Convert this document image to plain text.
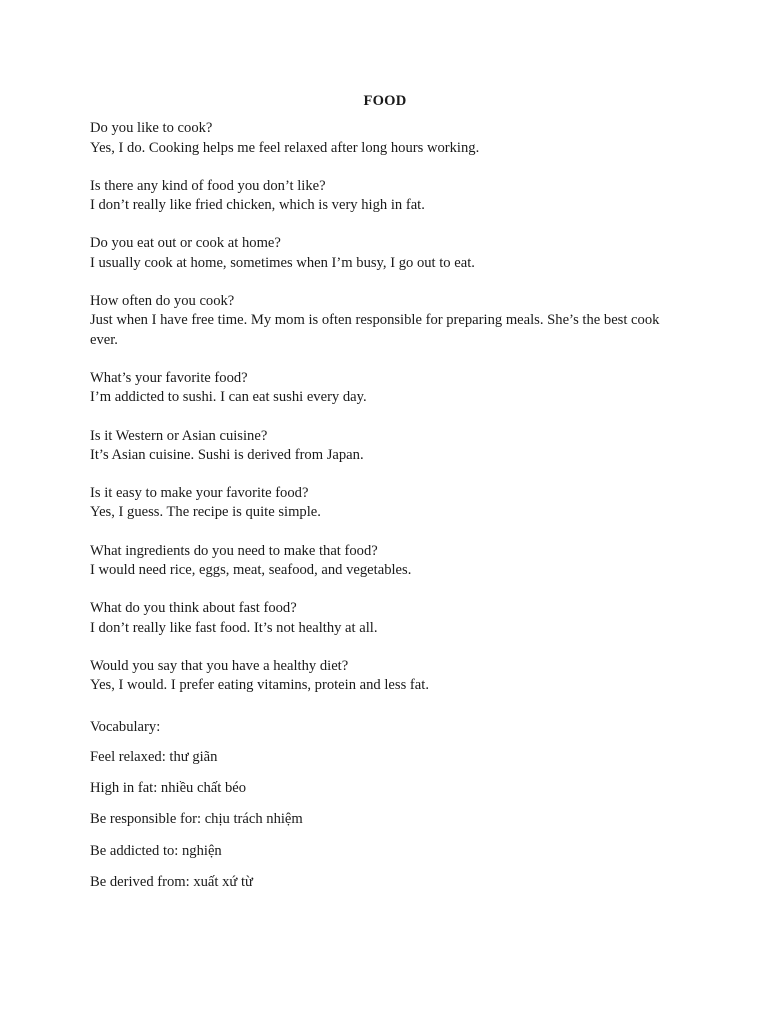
FOOD

Do you like to cook?

Yes, I do. Cooking helps me feel relaxed after long hours working.

Is there any kind of food you don’t like?

I don’t really like fried chicken, which is very high in fat.

Do you eat out or cook at home?

I usually cook at home, sometimes when I’m busy, I go out to eat.

How often do you cook?

Just when I have free time. My mom is often responsible for preparing meals. She’s the best cook ever.

What’s your favorite food?

I’m addicted to sushi. I can eat sushi every day.

Is it Western or Asian cuisine?

It’s Asian cuisine. Sushi is derived from Japan.

Is it easy to make your favorite food?

Yes, I guess. The recipe is quite simple.

What ingredients do you need to make that food?

I would need rice, eggs, meat, seafood, and vegetables.

What do you think about fast food?

I don’t really like fast food. It’s not healthy at all.

Would you say that you have a healthy diet?

Yes, I would. I prefer eating vitamins, protein and less fat.

Vocabulary:
Feel relaxed: thư giãn
High in fat: nhiều chất béo
Be responsible for: chịu trách nhiệm
Be addicted to: nghiện
Be derived from: xuất xứ từ
